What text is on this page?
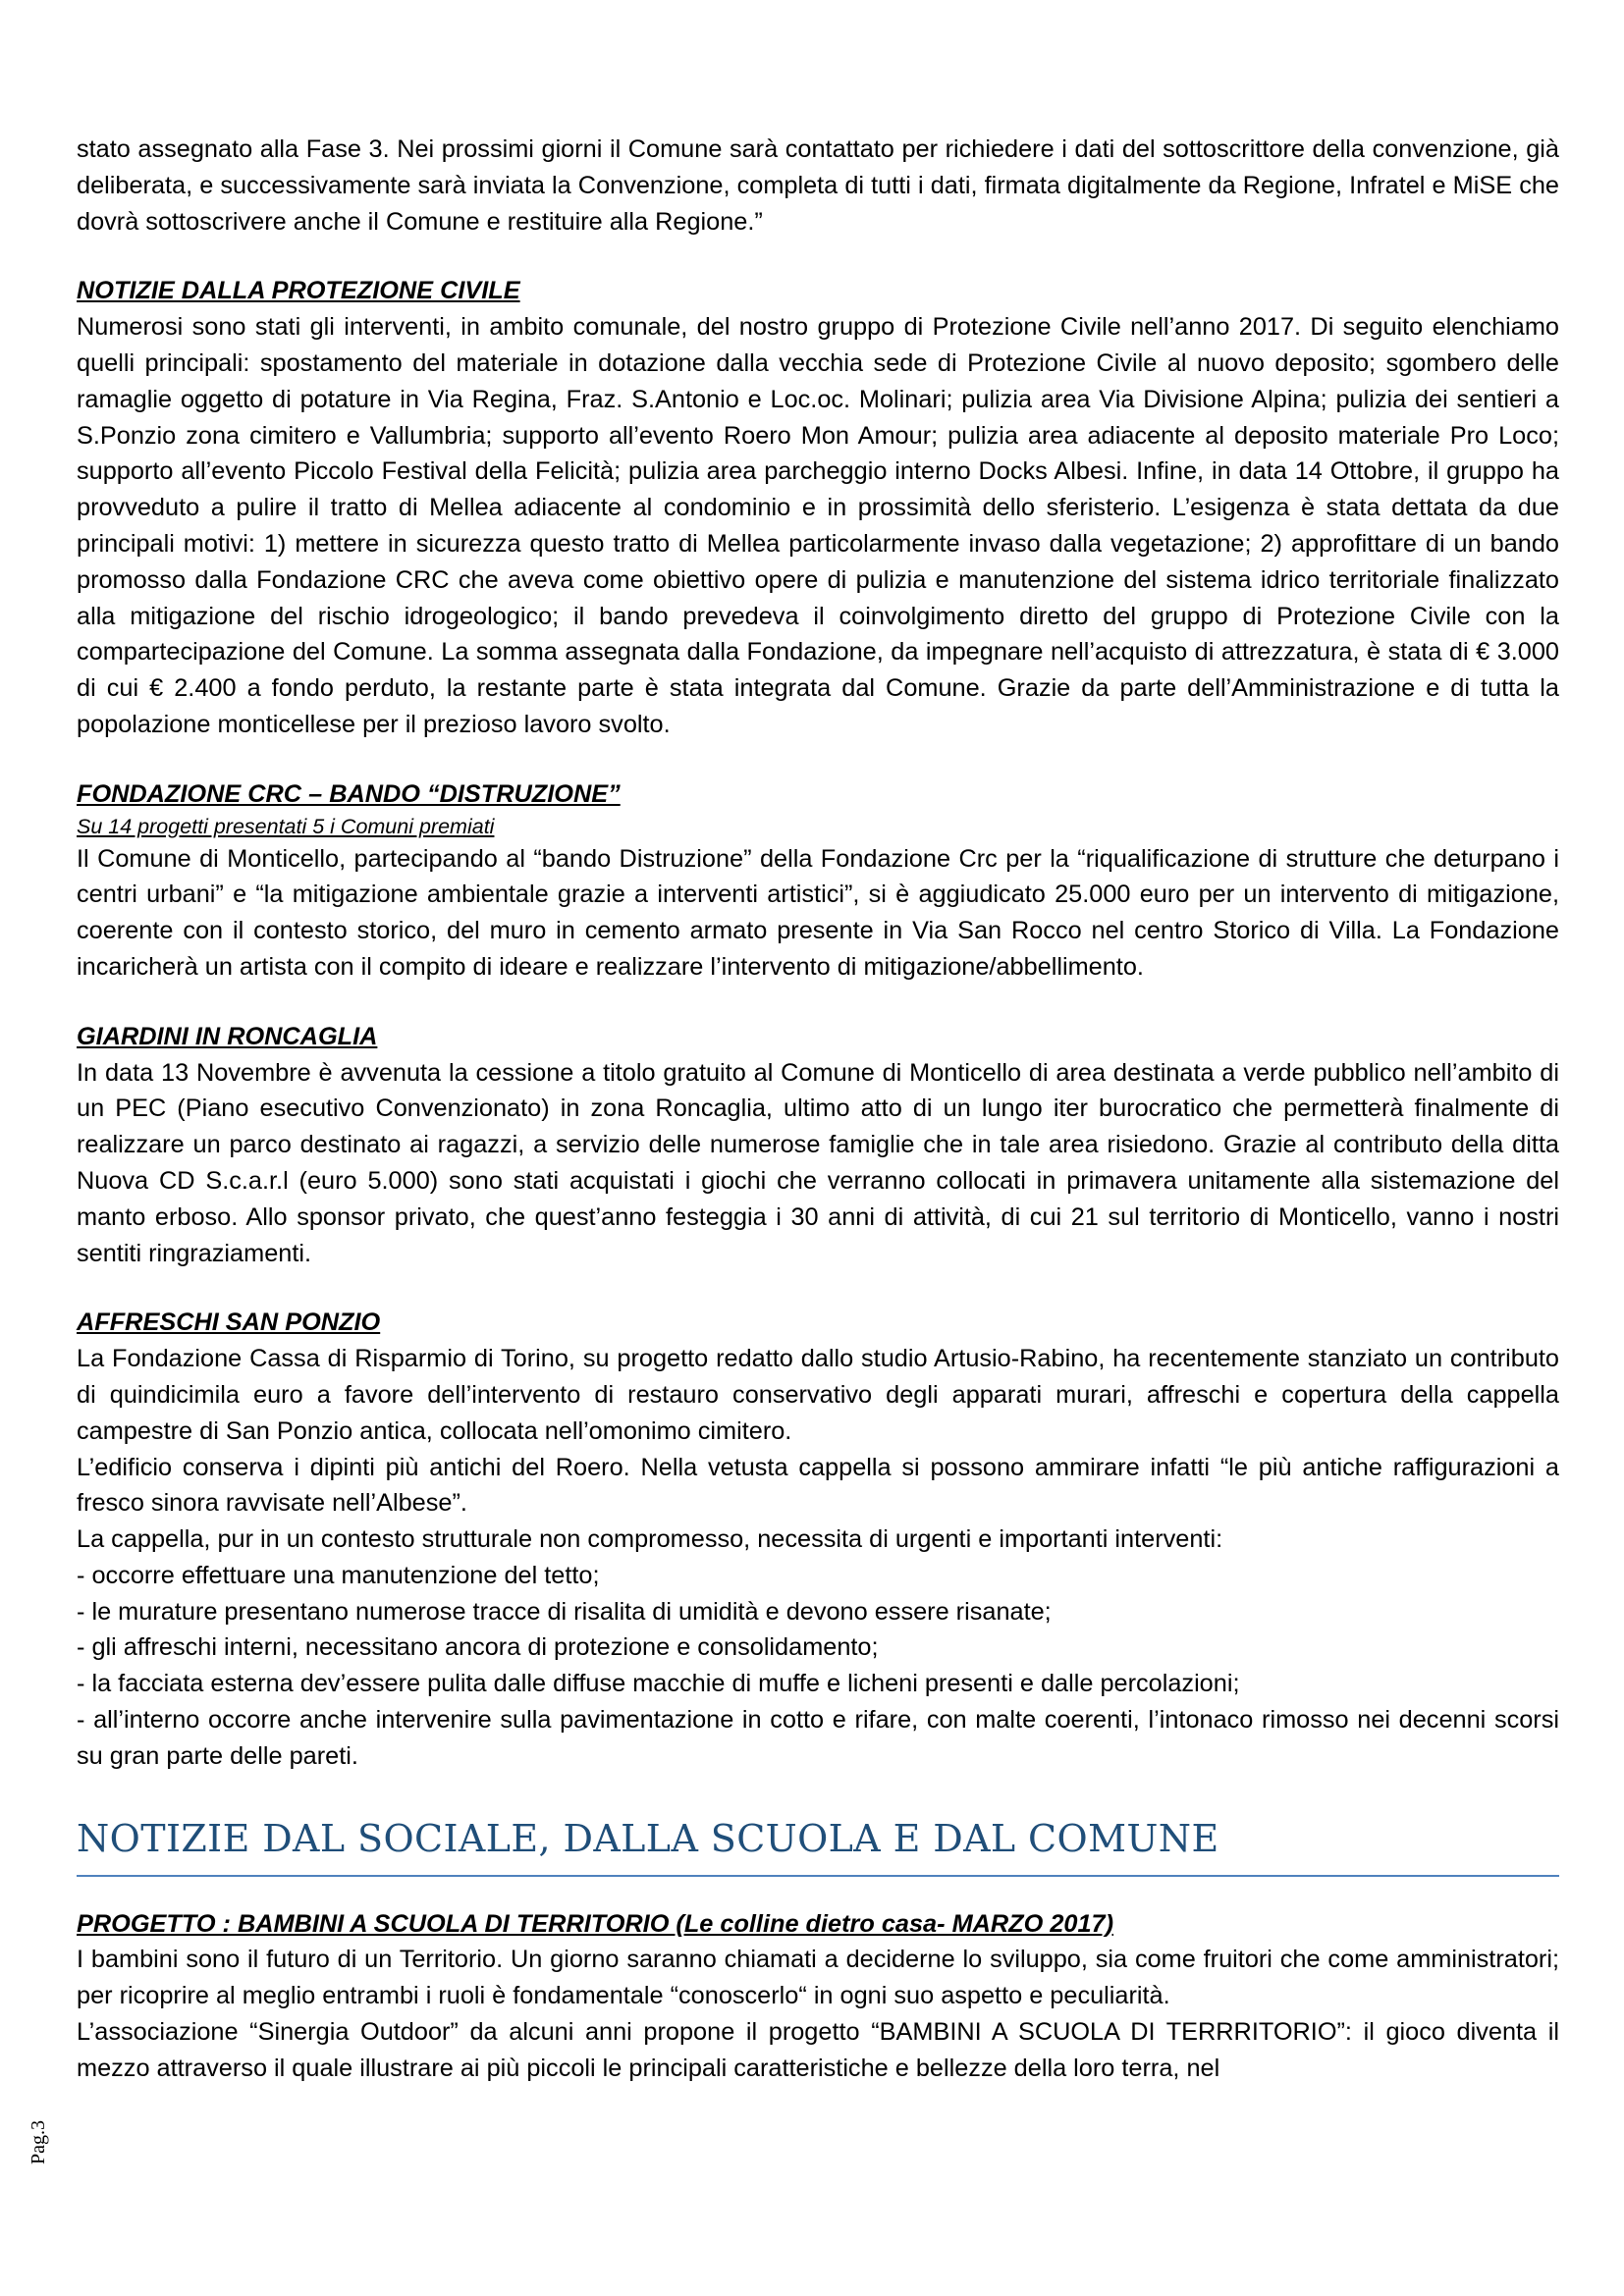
stato assegnato alla Fase 3. Nei prossimi giorni il Comune sarà contattato per richiedere i dati del sottoscrittore della convenzione, già deliberata, e successivamente sarà inviata la Convenzione, completa di tutti i dati, firmata digitalmente da Regione, Infratel e MiSE che dovrà sottoscrivere anche il Comune e restituire alla Regione.”

NOTIZIE DALLA PROTEZIONE CIVILE

Numerosi sono stati gli interventi, in ambito comunale, del nostro gruppo di Protezione Civile nell’anno 2017. Di seguito elenchiamo quelli principali: spostamento del materiale in dotazione dalla vecchia sede di Protezione Civile al nuovo deposito; sgombero delle ramaglie oggetto di potature in Via Regina, Fraz. S.Antonio e Loc.oc. Molinari; pulizia area Via Divisione Alpina; pulizia dei sentieri a S.Ponzio zona cimitero e Vallumbria; supporto all’evento Roero Mon Amour; pulizia area adiacente al deposito materiale Pro Loco; supporto all’evento Piccolo Festival della Felicità; pulizia area parcheggio interno Docks Albesi. Infine, in data 14 Ottobre, il gruppo ha provveduto a pulire il tratto di Mellea adiacente al condominio e in prossimità dello sferisterio. L’esigenza è stata dettata da due principali motivi: 1) mettere in sicurezza questo tratto di Mellea particolarmente invaso dalla vegetazione; 2) approfittare di un bando promosso dalla Fondazione CRC che aveva come obiettivo opere di pulizia e manutenzione del sistema idrico territoriale finalizzato alla mitigazione del rischio idrogeologico; il bando prevedeva il coinvolgimento diretto del gruppo di Protezione Civile con la compartecipazione del Comune. La somma assegnata dalla Fondazione, da impegnare nell’acquisto di attrezzatura, è stata di € 3.000 di cui € 2.400 a fondo perduto, la restante parte è stata integrata dal Comune. Grazie da parte dell’Amministrazione e di tutta la popolazione monticellese per il prezioso lavoro svolto.

FONDAZIONE CRC – BANDO “DISTRUZIONE”

Su 14 progetti presentati 5 i Comuni premiati

Il Comune di Monticello, partecipando al “bando Distruzione” della Fondazione Crc per la “riqualificazione di strutture che deturpano i centri urbani” e “la mitigazione ambientale grazie a interventi artistici”, si è aggiudicato 25.000 euro per un intervento di mitigazione, coerente con il contesto storico, del muro in cemento armato presente in Via San Rocco nel centro Storico di Villa. La Fondazione incaricherà un artista con il compito di ideare e realizzare l’intervento di mitigazione/abbellimento.

GIARDINI IN RONCAGLIA

In data 13 Novembre è avvenuta la cessione a titolo gratuito al Comune di Monticello di area destinata a verde pubblico nell’ambito di un PEC (Piano esecutivo Convenzionato) in zona Roncaglia, ultimo atto di un lungo iter burocratico che permetterà finalmente di realizzare un parco destinato ai ragazzi, a servizio delle numerose famiglie che in tale area risiedono. Grazie al contributo della ditta Nuova CD S.c.a.r.l (euro 5.000) sono stati acquistati i giochi che verranno collocati in primavera unitamente alla sistemazione del manto erboso. Allo sponsor privato, che quest’anno festeggia i 30 anni di attività, di cui 21 sul territorio di Monticello, vanno i nostri sentiti ringraziamenti.

AFFRESCHI SAN PONZIO

La Fondazione Cassa di Risparmio di Torino, su progetto redatto dallo studio Artusio-Rabino, ha recentemente stanziato un contributo di quindicimila euro a favore dell’intervento di restauro conservativo degli apparati murari, affreschi e copertura della cappella campestre di San Ponzio antica, collocata nell’omonimo cimitero.

L’edificio conserva i dipinti più antichi del Roero. Nella vetusta cappella si possono ammirare infatti “le più antiche raffigurazioni a fresco sinora ravvisate nell’Albese”.

La cappella, pur in un contesto strutturale non compromesso, necessita di urgenti e importanti interventi:

- occorre effettuare una manutenzione del tetto;

- le murature presentano numerose tracce di risalita di umidità e devono essere risanate;

- gli affreschi interni, necessitano ancora di protezione e consolidamento;

- la facciata esterna dev’essere pulita dalle diffuse macchie di muffe e licheni presenti e dalle percolazioni;

- all’interno occorre anche intervenire sulla pavimentazione in cotto e rifare, con malte coerenti, l’intonaco rimosso nei decenni scorsi su gran parte delle pareti.

NOTIZIE DAL SOCIALE, DALLA SCUOLA E DAL COMUNE

PROGETTO : BAMBINI A SCUOLA DI TERRITORIO (Le colline dietro casa- MARZO 2017)

I bambini sono il futuro di un Territorio. Un giorno saranno chiamati a deciderne lo sviluppo, sia come fruitori che come amministratori; per ricoprire al meglio entrambi i ruoli è fondamentale “conoscerlo“ in ogni suo aspetto e peculiarità.

L’associazione “Sinergia Outdoor” da alcuni anni propone il progetto “BAMBINI A SCUOLA DI TERRRITORIO”: il gioco diventa il mezzo attraverso il quale illustrare ai più piccoli le principali caratteristiche e bellezze della loro terra, nel

Pag.3
